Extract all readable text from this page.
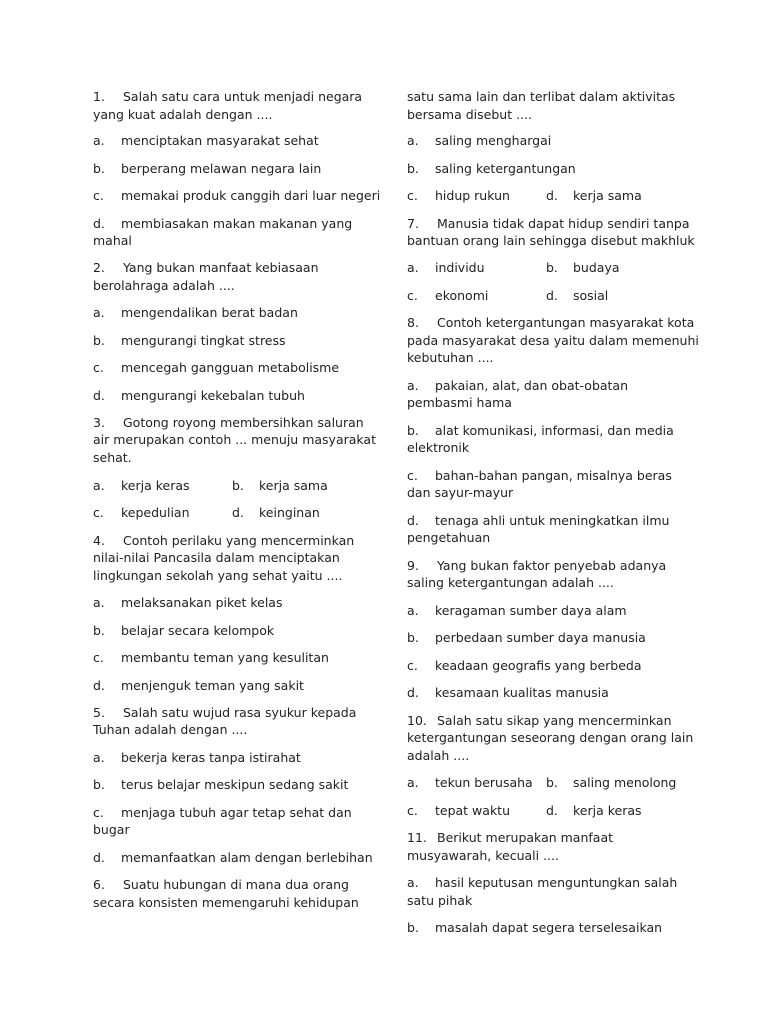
1. Salah satu cara untuk menjadi negara
yang kuat adalah dengan ....
a. menciptakan masyarakat sehat
b. berperang melawan negara lain
c. memakai produk canggih dari luar negeri
d. membiasakan makan makanan yang
mahal
2. Yang bukan manfaat kebiasaan
berolahraga adalah ....
a. mengendalikan berat badan
b. mengurangi tingkat stress
c. mencegah gangguan metabolisme
d. mengurangi kekebalan tubuh
3. Gotong royong membersihkan saluran
air merupakan contoh ... menuju masyarakat
sehat.
a. kerja keras	b. kerja sama
c. kepedulian	d. keinginan
4. Contoh perilaku yang mencerminkan
nilai-nilai Pancasila dalam menciptakan
lingkungan sekolah yang sehat yaitu ....
a. melaksanakan piket kelas
b. belajar secara kelompok
c. membantu teman yang kesulitan
d. menjenguk teman yang sakit
5. Salah satu wujud rasa syukur kepada
Tuhan adalah dengan ....
a. bekerja keras tanpa istirahat
b. terus belajar meskipun sedang sakit
c. menjaga tubuh agar tetap sehat dan
bugar
d. memanfaatkan alam dengan berlebihan
6. Suatu hubungan di mana dua orang
secara konsisten memengaruhi kehidupan
satu sama lain dan terlibat dalam aktivitas
bersama disebut ....
a. saling menghargai
b. saling ketergantungan
c. hidup rukun	d. kerja sama
7. Manusia tidak dapat hidup sendiri tanpa
bantuan orang lain sehingga disebut makhluk
a. individu	b. budaya
c. ekonomi	d. sosial
8. Contoh ketergantungan masyarakat kota
pada masyarakat desa yaitu dalam memenuhi
kebutuhan ....
a. pakaian, alat, dan obat-obatan
pembasmi hama
b. alat komunikasi, informasi, dan media
elektronik
c. bahan-bahan pangan, misalnya beras
dan sayur-mayur
d. tenaga ahli untuk meningkatkan ilmu
pengetahuan
9. Yang bukan faktor penyebab adanya
saling ketergantungan adalah ....
a. keragaman sumber daya alam
b. perbedaan sumber daya manusia
c. keadaan geografis yang berbeda
d. kesamaan kualitas manusia
10. Salah satu sikap yang mencerminkan
ketergantungan seseorang dengan orang lain
adalah ....
a. tekun berusaha b. saling menolong
c. tepat waktu	d. kerja keras
11. Berikut merupakan manfaat
musyawarah, kecuali ....
a. hasil keputusan menguntungkan salah
satu pihak
b. masalah dapat segera terselesaikan
